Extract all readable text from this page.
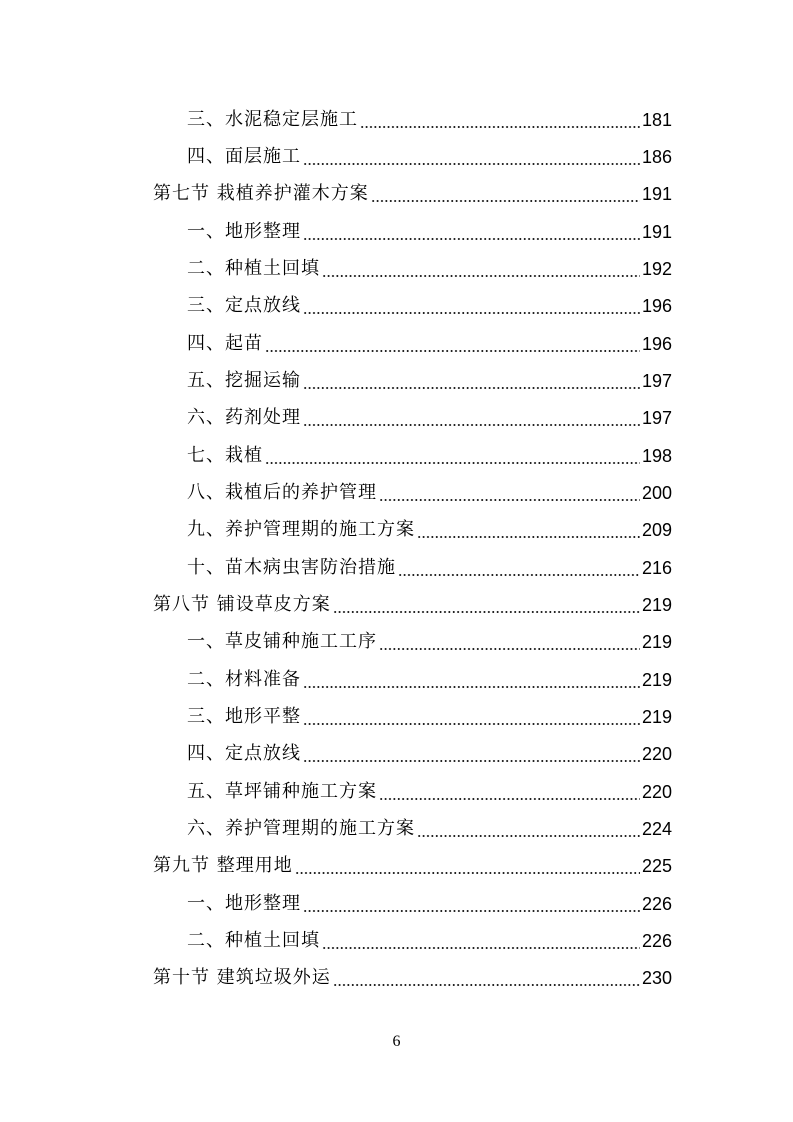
三、水泥稳定层施工	181
四、面层施工	186
第七节 栽植养护灌木方案	191
一、地形整理	191
二、种植土回填	192
三、定点放线	196
四、起苗	196
五、挖掘运输	197
六、药剂处理	197
七、栽植	198
八、栽植后的养护管理	200
九、养护管理期的施工方案	209
十、苗木病虫害防治措施	216
第八节 铺设草皮方案	219
一、草皮铺种施工工序	219
二、材料准备	219
三、地形平整	219
四、定点放线	220
五、草坪铺种施工方案	220
六、养护管理期的施工方案	224
第九节 整理用地	225
一、地形整理	226
二、种植土回填	226
第十节 建筑垃圾外运	230
6
